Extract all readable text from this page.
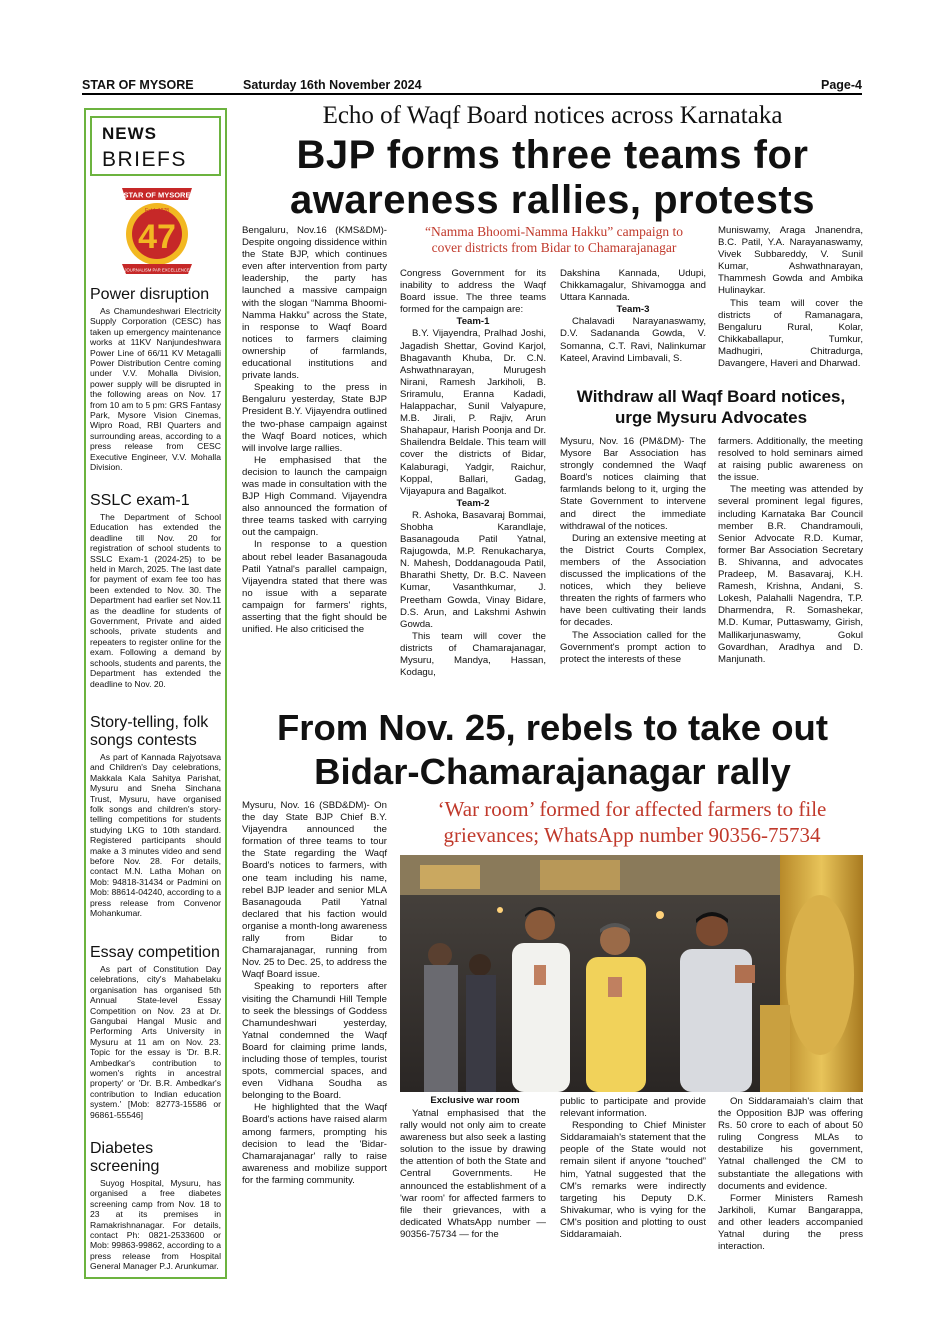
STAR OF MYSORE	Saturday 16th November 2024	Page-4
NEWS
BRIEFS
STAR OF MYSORE
Estd. 1978
47
JOURNALISM PAR EXCELLENCE
Power disruption
As Chamundeshwari Electricity Supply Corporation (CESC) has taken up emergency maintenance works at 11KV Nanjundeshwara Power Line of 66/11 KV Metagalli Power Distribution Centre coming under V.V. Mohalla Division, power supply will be disrupted in the following areas on Nov. 17 from 10 am to 5 pm: GRS Fantasy Park, Mysore Vision Cinemas, Wipro Road, RBI Quarters and surrounding areas, according to a press release from CESC Executive Engineer, V.V. Mohalla Division.
SSLC exam-1
The Department of School Education has extended the deadline till Nov. 20 for registration of school students to SSLC Exam-1 (2024-25) to be held in March, 2025. The last date for payment of exam fee too has been extended to Nov. 30. The Department had earlier set Nov.11 as the deadline for students of Government, Private and aided schools, private students and repeaters to register online for the exam. Following a demand by schools, students and parents, the Department has extended the deadline to Nov. 20.
Story-telling, folk songs contests
As part of Kannada Rajyotsava and Children's Day celebrations, Makkala Kala Sahitya Parishat, Mysuru and Sneha Sinchana Trust, Mysuru, have organised folk songs and children's story-telling competitions for students studying LKG to 10th standard. Registered participants should make a 3 minutes video and send before Nov. 28. For details, contact M.N. Latha Mohan on Mob: 94818-31434 or Padmini on Mob: 88614-04240, according to a press release from Convenor Mohankumar.
Essay competition
As part of Constitution Day celebrations, city's Mahabelaku organisation has organised 5th Annual State-level Essay Competition on Nov. 23 at Dr. Gangubai Hangal Music and Performing Arts University in Mysuru at 11 am on Nov. 23. Topic for the essay is 'Dr. B.R. Ambedkar's contribution to women's rights in ancestral property' or 'Dr. B.R. Ambedkar's contribution to Indian education system.' [Mob: 82773-15586 or 96861-55546]
Diabetes screening
Suyog Hospital, Mysuru, has organised a free diabetes screening camp from Nov. 18 to 23 at its premises in Ramakrishnanagar. For details, contact Ph: 0821-2533600 or Mob: 99863-99862, according to a press release from Hospital General Manager P.J. Arunkumar.
Echo of Waqf Board notices across Karnataka
BJP forms three teams for
awareness rallies, protests

Bengaluru, Nov.16 (KMS&DM)- Despite ongoing dissidence within the State BJP, which continues even after intervention from party leadership, the party has launched a massive campaign with the slogan “Namma Bhoomi-Namma Hakku” across the State, in response to Waqf Board notices to farmers claiming ownership of farmlands, educational institutions and private lands.

Speaking to the press in Bengaluru yesterday, State BJP President B.Y. Vijayendra outlined the two-phase campaign against the Waqf Board notices, which will involve large rallies.

He emphasised that the decision to launch the campaign was made in consultation with the BJP High Command. Vijayendra also announced the formation of three teams tasked with carrying out the campaign.

In response to a question about rebel leader Basanagouda Patil Yatnal's parallel campaign, Vijayendra stated that there was no issue with a separate campaign for farmers' rights, asserting that the fight should be unified. He also criticised the

“Namma Bhoomi-Namma Hakku” campaign to
cover districts from Bidar to Chamarajanagar

Congress Government for its inability to address the Waqf Board issue. The three teams formed for the campaign are:

Team-1

B.Y. Vijayendra, Pralhad Joshi, Jagadish Shettar, Govind Karjol, Bhagavanth Khuba, Dr. C.N. Ashwathnarayan, Murugesh Nirani, Ramesh Jarkiholi, B. Sriramulu, Eranna Kadadi, Halappachar, Sunil Valyapure, M.B. Jirali, P. Rajiv, Arun Shahapaur, Harish Poonja and Dr. Shailendra Beldale. This team will cover the districts of Bidar, Kalaburagi, Yadgir, Raichur, Koppal, Ballari, Gadag, Vijayapura and Bagalkot.

Team-2

R. Ashoka, Basavaraj Bommai, Shobha Karandlaje, Basanagouda Patil Yatnal, Rajugowda, M.P. Renukacharya, N. Mahesh, Doddanagouda Patil, Bharathi Shetty, Dr. B.C. Naveen Kumar, Vasanthkumar, J. Preetham Gowda, Vinay Bidare, D.S. Arun, and Lakshmi Ashwin Gowda.

This team will cover the districts of Chamarajanagar, Mysuru, Mandya, Hassan, Kodagu,

Dakshina Kannada, Udupi, Chikkamagalur, Shivamogga and Uttara Kannada.

Team-3

Chalavadi Narayanaswamy, D.V. Sadananda Gowda, V. Somanna, C.T. Ravi, Nalinkumar Kateel, Aravind Limbavali, S.

Muniswamy, Araga Jnanendra, B.C. Patil, Y.A. Narayanaswamy, Vivek Subbareddy, V. Sunil Kumar, Ashwathnarayan, Thammesh Gowda and Ambika Hulinaykar.

This team will cover the districts of Ramanagara, Bengaluru Rural, Kolar, Chikkaballapur, Tumkur, Madhugiri, Chitradurga, Davangere, Haveri and Dharwad.

Withdraw all Waqf Board notices,
urge Mysuru Advocates

Mysuru, Nov. 16 (PM&DM)- The Mysore Bar Association has strongly condemned the Waqf Board's notices claiming that farmlands belong to it, urging the State Government to intervene and direct the immediate withdrawal of the notices.

During an extensive meeting at the District Courts Complex, members of the Association discussed the implications of the notices, which they believe threaten the rights of farmers who have been cultivating their lands for decades.

The Association called for the Government's prompt action to protect the interests of these

farmers. Additionally, the meeting resolved to hold seminars aimed at raising public awareness on the issue.

The meeting was attended by several prominent legal figures, including Karnataka Bar Council member B.R. Chandramouli, Senior Advocate R.D. Kumar, former Bar Association Secretary B. Shivanna, and advocates Pradeep, M. Basavaraj, K.H. Ramesh, Krishna, Andani, S. Lokesh, Palahalli Nagendra, T.P. Dharmendra, R. Somashekar, M.D. Kumar, Puttaswamy, Girish, Mallikarjunaswamy, Gokul Govardhan, Aradhya and D. Manjunath.

From Nov. 25, rebels to take out
Bidar-Chamarajanagar rally

Mysuru, Nov. 16 (SBD&DM)- On the day State BJP Chief B.Y. Vijayendra announced the formation of three teams to tour the State regarding the Waqf Board's notices to farmers, with one team including his name, rebel BJP leader and senior MLA Basanagouda Patil Yatnal declared that his faction would organise a month-long awareness rally from Bidar to Chamarajanagar, running from Nov. 25 to Dec. 25, to address the Waqf Board issue.

Speaking to reporters after visiting the Chamundi Hill Temple to seek the blessings of Goddess Chamundeshwari yesterday, Yatnal condemned the Waqf Board for claiming prime lands, including those of temples, tourist spots, commercial spaces, and even Vidhana Soudha as belonging to the Board.

He highlighted that the Waqf Board's actions have raised alarm among farmers, prompting his decision to lead the 'Bidar-Chamarajanagar' rally to raise awareness and mobilize support for the farming community.

‘War room’ formed for affected farmers to file
grievances; WhatsApp number 90356-75734
Exclusive war room

Yatnal emphasised that the rally would not only aim to create awareness but also seek a lasting solution to the issue by drawing the attention of both the State and Central Governments. He announced the establishment of a 'war room' for affected farmers to file their grievances, with a dedicated WhatsApp number — 90356-75734 — for the

public to participate and provide relevant information.

Responding to Chief Minister Siddaramaiah's statement that the people of the State would not remain silent if anyone “touched” him, Yatnal suggested that the CM's remarks were indirectly targeting his Deputy D.K. Shivakumar, who is vying for the CM's position and plotting to oust Siddaramaiah.

On Siddaramaiah's claim that the Opposition BJP was offering Rs. 50 crore to each of about 50 ruling Congress MLAs to destabilize his government, Yatnal challenged the CM to substantiate the allegations with documents and evidence.

Former Ministers Ramesh Jarkiholi, Kumar Bangarappa, and other leaders accompanied Yatnal during the press interaction.
